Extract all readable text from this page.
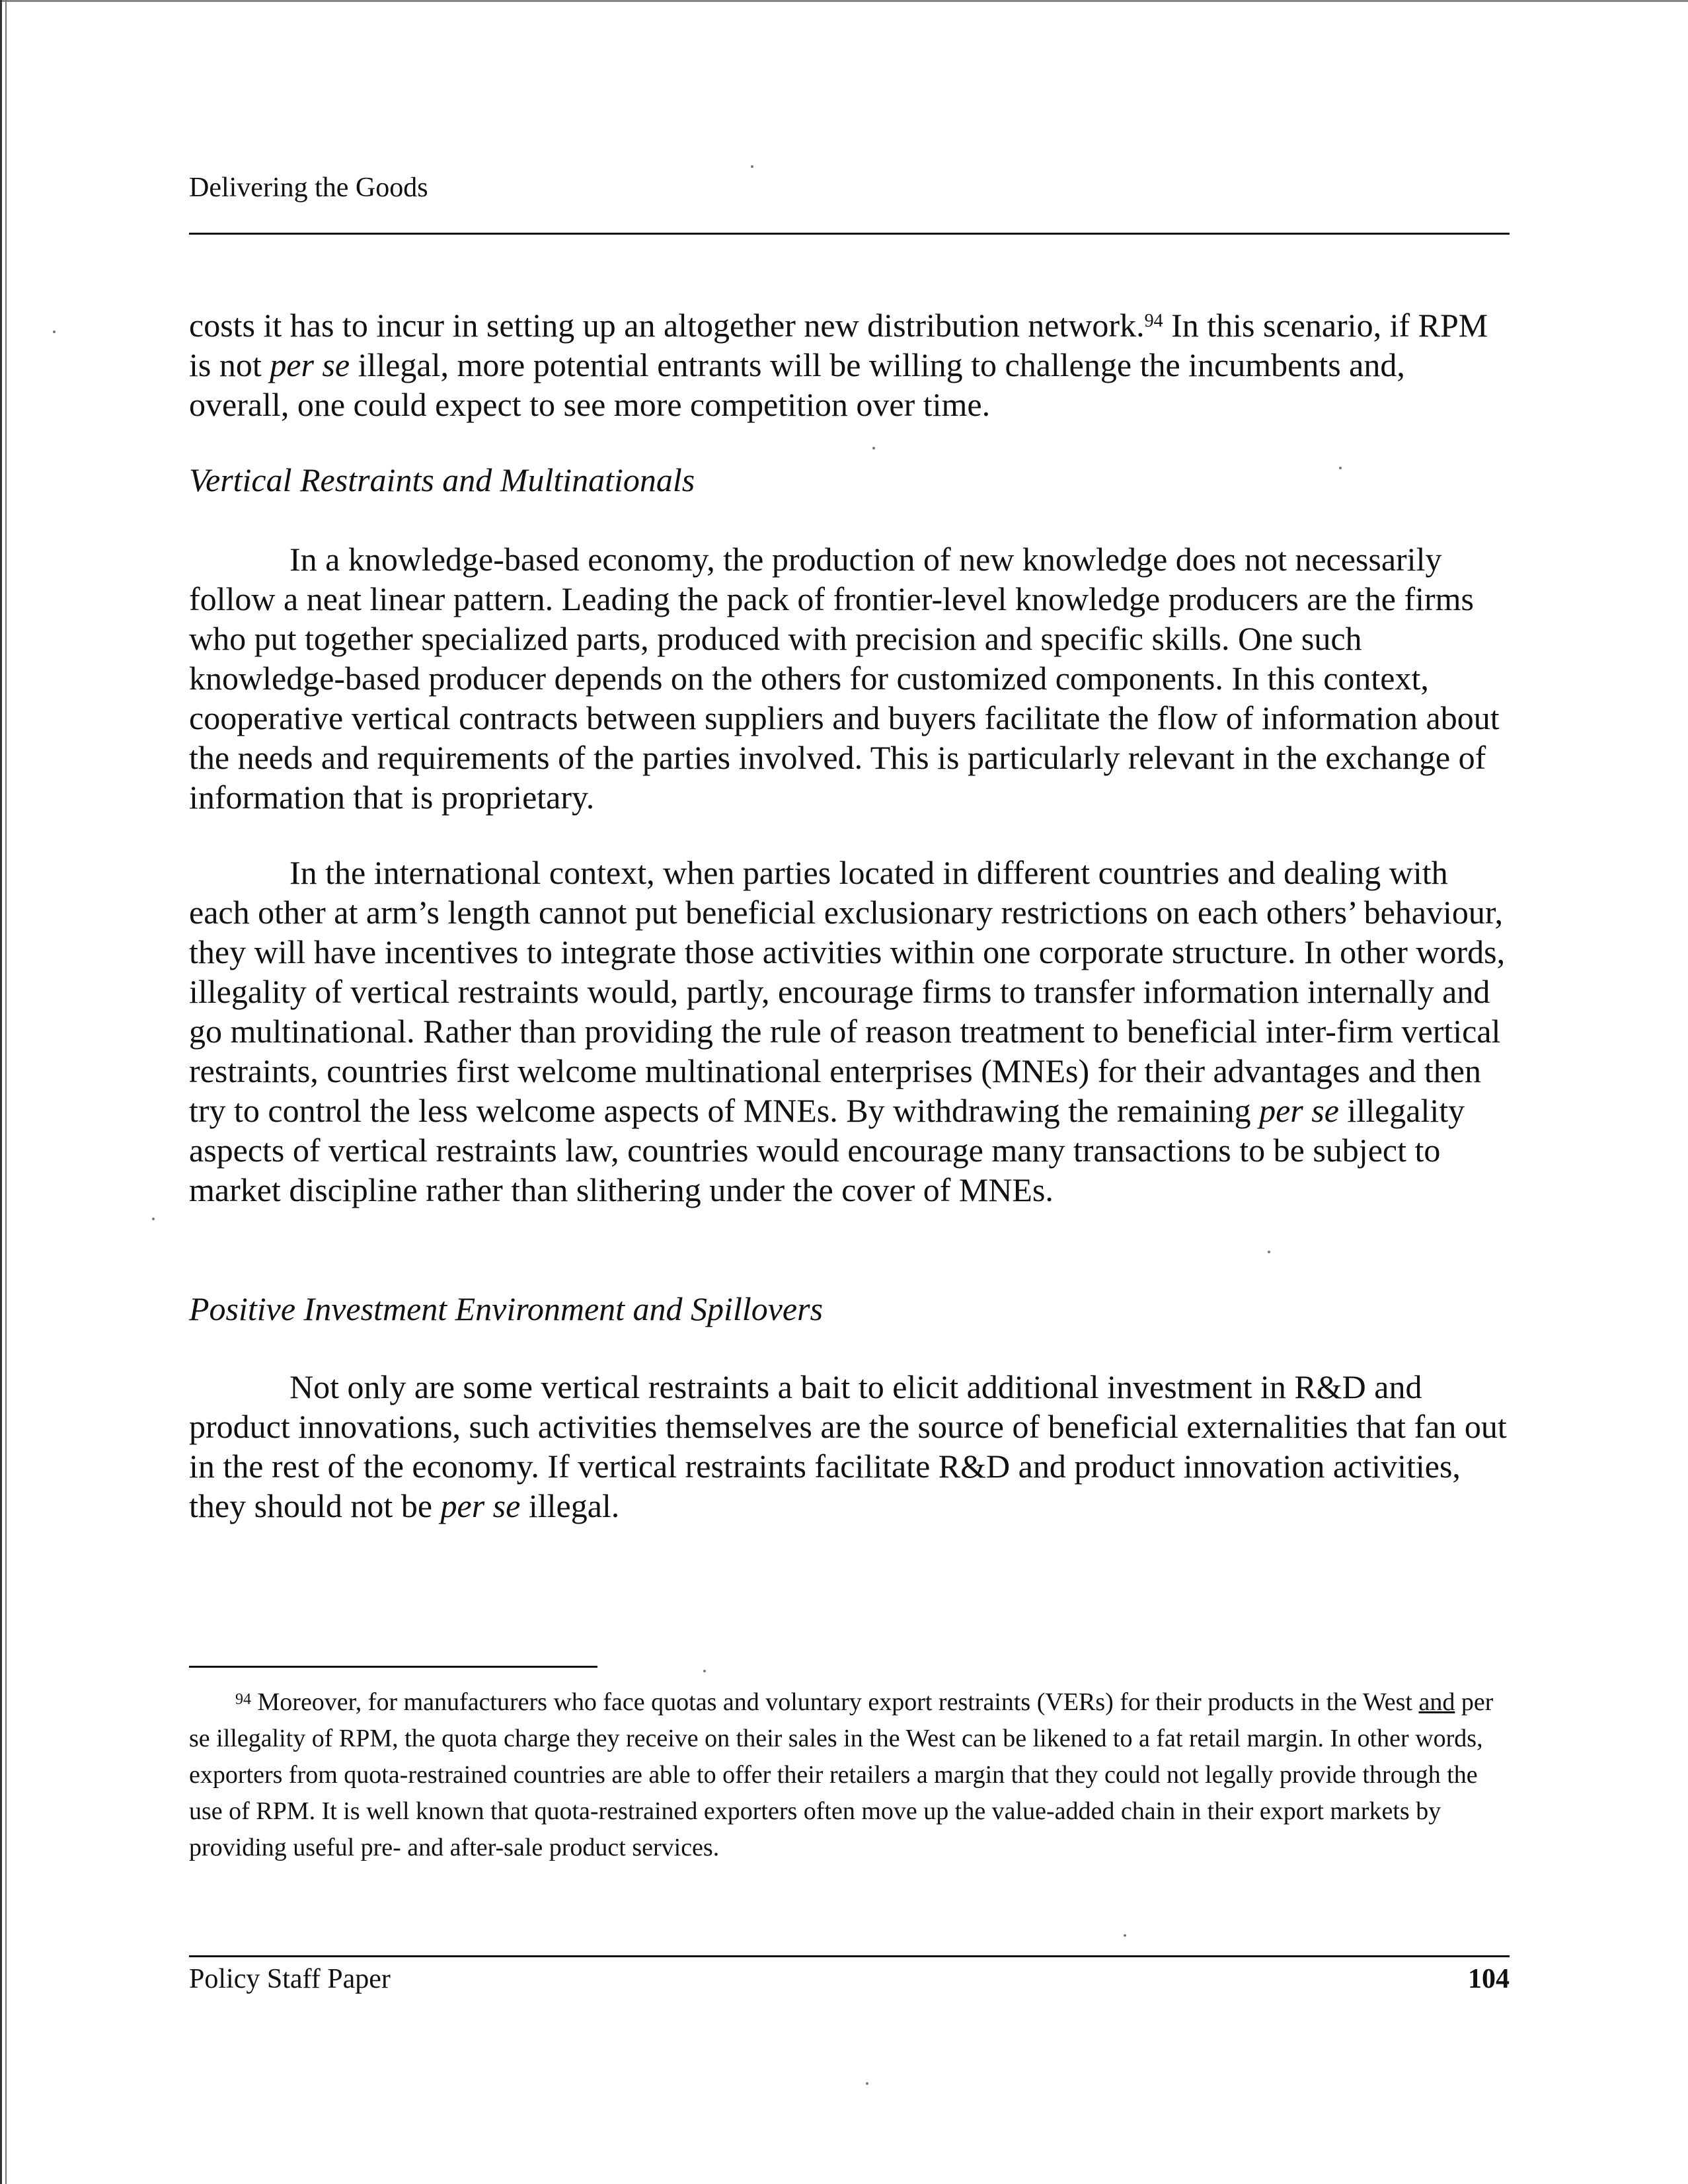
Delivering the Goods

costs it has to incur in setting up an altogether new distribution network.$^{94}$ In this scenario, if RPM is not per se illegal, more potential entrants will be willing to challenge the incumbents and, overall, one could expect to see more competition over time.

Vertical Restraints and Multinationals

In a knowledge-based economy, the production of new knowledge does not necessarily follow a neat linear pattern. Leading the pack of frontier-level knowledge producers are the firms who put together specialized parts, produced with precision and specific skills. One such knowledge-based producer depends on the others for customized components. In this context, cooperative vertical contracts between suppliers and buyers facilitate the flow of information about the needs and requirements of the parties involved. This is particularly relevant in the exchange of information that is proprietary.

In the international context, when parties located in different countries and dealing with each other at arm’s length cannot put beneficial exclusionary restrictions on each others’ behaviour, they will have incentives to integrate those activities within one corporate structure. In other words, illegality of vertical restraints would, partly, encourage firms to transfer information internally and go multinational. Rather than providing the rule of reason treatment to beneficial inter-firm vertical restraints, countries first welcome multinational enterprises (MNEs) for their advantages and then try to control the less welcome aspects of MNEs. By withdrawing the remaining per se illegality aspects of vertical restraints law, countries would encourage many transactions to be subject to market discipline rather than slithering under the cover of MNEs.

Positive Investment Environment and Spillovers

Not only are some vertical restraints a bait to elicit additional investment in R&D and product innovations, such activities themselves are the source of beneficial externalities that fan out in the rest of the economy. If vertical restraints facilitate R&D and product innovation activities, they should not be per se illegal.

$^{94}$ Moreover, for manufacturers who face quotas and voluntary export restraints (VERs) for their products in the West and per se illegality of RPM, the quota charge they receive on their sales in the West can be likened to a fat retail margin. In other words, exporters from quota-restrained countries are able to offer their retailers a margin that they could not legally provide through the use of RPM. It is well known that quota-restrained exporters often move up the value-added chain in their export markets by providing useful pre- and after-sale product services.

Policy Staff Paper	104
